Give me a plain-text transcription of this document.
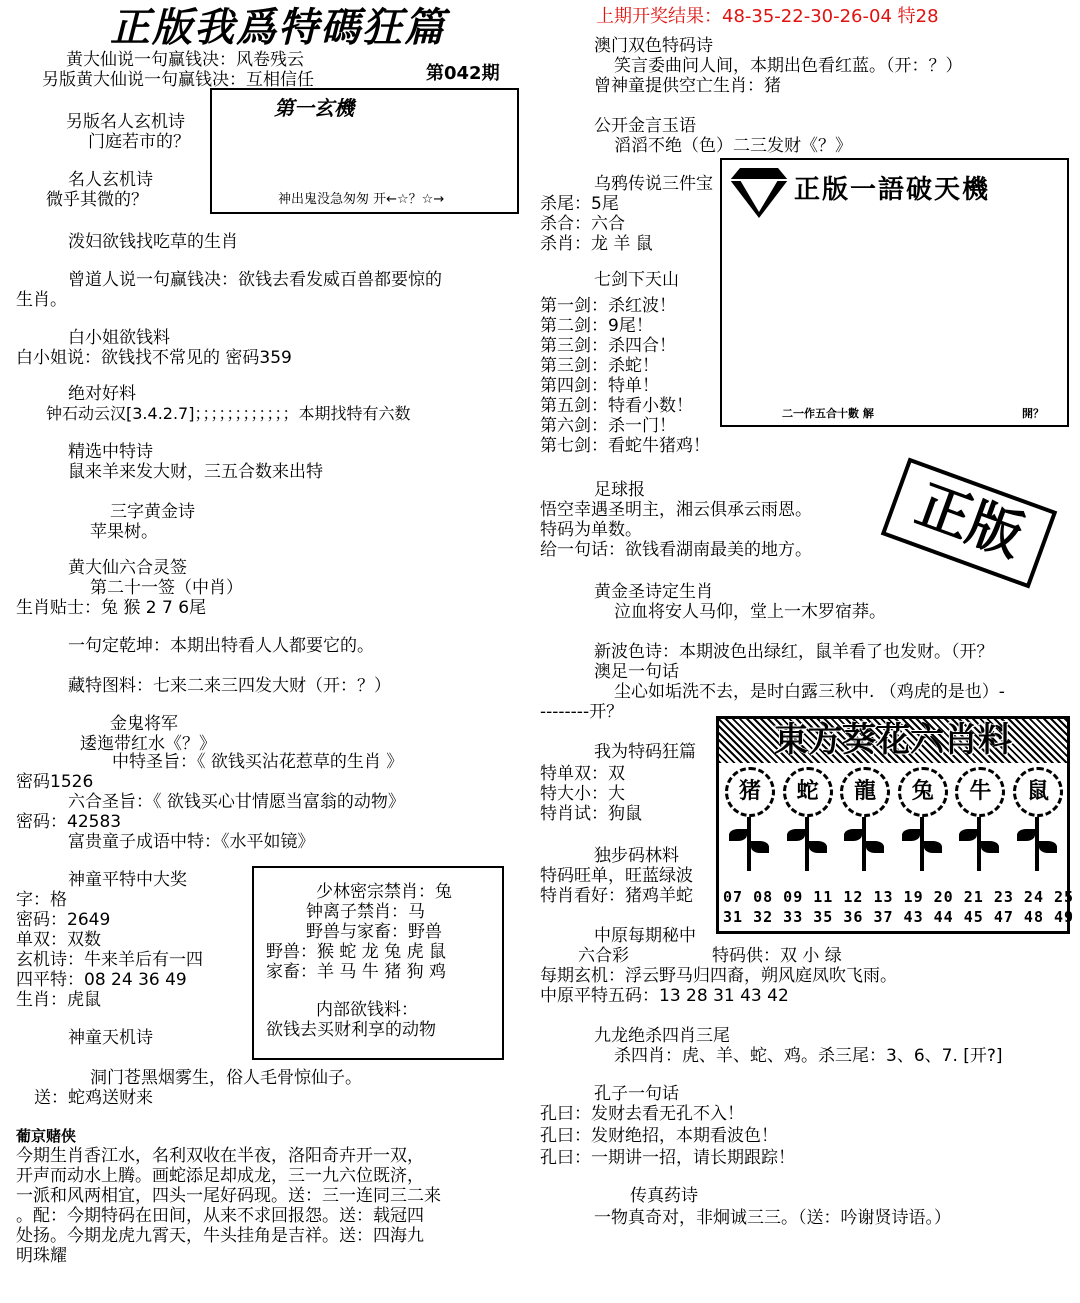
正版我爲特碼狂篇	上期开奖结果：48-35-22-30-26-04 特28
第042期
第一玄機
神出鬼没急匆匆 开←☆？☆→	正版一語破天機
二一作五合十數 解	開？
正版
東方葵花六肖料
猪	蛇	龍	兔	牛	鼠
07 08 09 11 12 13 19 20 21 23 24 25
31 32 33 35 36 37 43 44 45 47 48 49
少林密宗禁肖：兔
钟离子禁肖：马
野兽与家畜：野兽
野兽：猴 蛇 龙 兔 虎 鼠
家畜：羊 马 牛 猪 狗 鸡
内部欲钱料：
欲钱去买财利享的动物
黄大仙说一句赢钱决：风卷残云
另版黄大仙说一句赢钱决：互相信任
另版名人玄机诗
门庭若市的？
名人玄机诗
微乎其微的？
泼妇欲钱找吃草的生肖
曾道人说一句赢钱决：欲钱去看发威百兽都要惊的
生肖。
白小姐欲钱料
白小姐说：欲钱找不常见的 密码359
绝对好料
钟石动云汉[3.4.2.7]；；；；；；；；；；；；本期找特有六数
精选中特诗
鼠来羊来发大财，三五合数来出特
三字黄金诗
苹果树。
黄大仙六合灵签
第二十一签（中肖）
生肖贴士：兔 猴 2 7 6尾
一句定乾坤：本期出特看人人都要它的。
藏特图料：七来二来三四发大财（开：？）
金鬼将军
逶迤带红水《？》
中特圣旨：《 欲钱买沾花惹草的生肖 》
密码1526
六合圣旨：《 欲钱买心甘情愿当富翁的动物》
密码：42583
富贵童子成语中特：《水平如镜》
神童平特中大奖
字：格
密码：2649
单双：双数
玄机诗：牛来羊后有一四
四平特：08 24 36 49
生肖：虎鼠
神童天机诗
洞门苍黑烟雾生，俗人毛骨惊仙子。
送：蛇鸡送财来
葡京赌侠
今期生肖香江水，名利双收在半夜，洛阳奇卉开一双，
开声而动水上腾。画蛇添足却成龙，三一九六位既济，
一派和风两相宜，四头一尾好码现。送：三一连同三二来
。配：今期特码在田间，从来不求回报怨。送：载冠四
处扬。今期龙虎九霄天，牛头挂角是吉祥。送：四海九
明珠耀
澳门双色特码诗
笑言委曲问人间，本期出色看红蓝。（开：？）
曾神童提供空亡生肖：猪
公开金言玉语
滔滔不绝（色）二三发财《？》
乌鸦传说三件宝
杀尾：5尾
杀合：六合
杀肖：龙 羊 鼠
七剑下天山
第一剑：杀红波！
第二剑：9尾！
第三剑：杀四合！
第三剑：杀蛇！
第四剑：特单！
第五剑：特看小数！
第六剑：杀一门！
第七剑：看蛇牛猪鸡！
足球报
悟空幸遇圣明主，湘云俱承云雨恩。
特码为单数。
给一句话：欲钱看湖南最美的地方。
黄金圣诗定生肖
泣血将安人马仰，堂上一木罗宿莽。
新波色诗：本期波色出绿红，鼠羊看了也发财。（开？
澳足一句话
尘心如垢洗不去，是时白露三秋中. （鸡虎的是也）-
--------开？
我为特码狂篇
特单双：双
特大小：大
特肖试：狗鼠
独步码林料
特码旺单，旺蓝绿波
特肖看好：猪鸡羊蛇
中原每期秘中
六合彩	特码供：双 小 绿
每期玄机：浮云野马归四裔，朔风庭凤吹飞雨。
中原平特五码：13 28 31 43 42
九龙绝杀四肖三尾
杀四肖：虎、羊、蛇、鸡。杀三尾：3、6、7. [开?]
孔子一句话
孔曰：发财去看无孔不入！
孔曰：发财绝招，本期看波色！
孔曰：一期讲一招，请长期跟踪！
传真药诗
一物真奇对，非炯诚三三。（送：吟谢贤诗语。）
